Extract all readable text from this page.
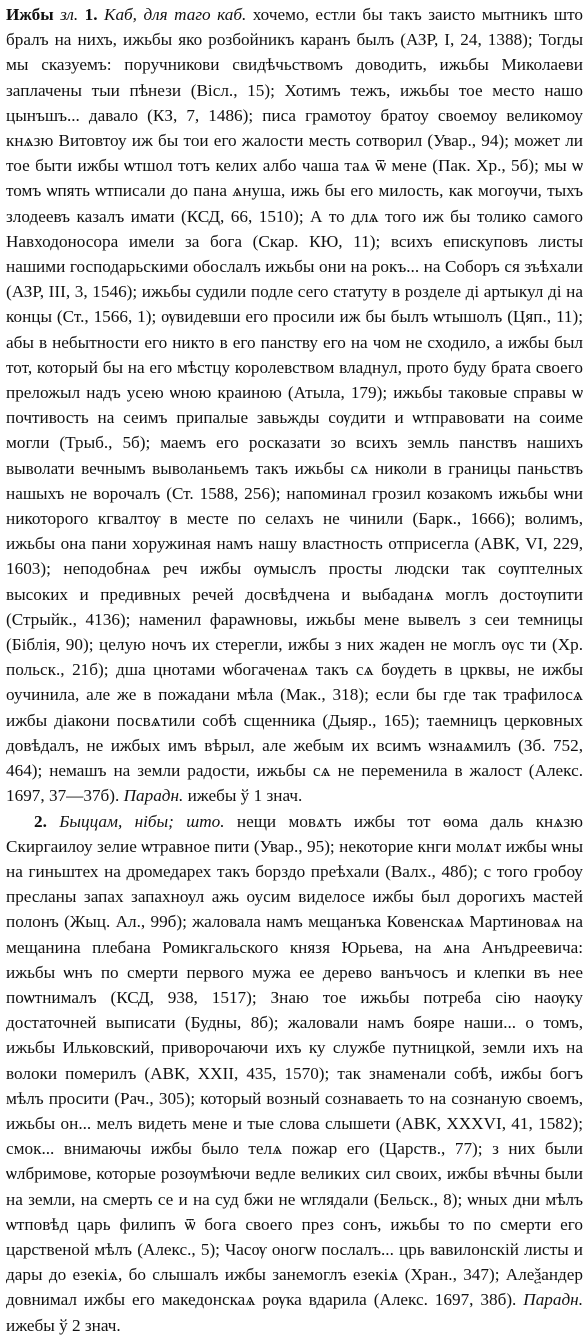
Ижбы зл. 1. Каб, для таго каб. хочемо, естли бы такъ заисто мытникъ што бралъ на нихъ, ижьбы яко розбойникъ каранъ былъ (АЗР, I, 24, 1388); Тогды мы сказуемъ: поручникови свидѣчьствомъ доводить, ижьбы Миколаеви заплачены тыи пѣнези (Вісл., 15); Хотимъ тежъ, ижьбы тое место нашо цынъшъ... давало (КЗ, 7, 1486); писа грамотоу братоу своемоу великомоу кнѧзю Витовтоу иж бы тои его жалости месть сотворил (Увар., 94); может ли тое быти ижбы ѡтшол тотъ келих албо чаша таѧ ѿ мене (Пак. Хр., 5б); мы ѡ томъ ѡпять ѡтписали до пана ѧнуша, ижь бы его милость, как могѹчи, тыхъ злодеевъ казалъ имати (КСД, 66, 1510); А то длѧ того иж бы толико самого Навходоносора имели за бога (Скар. КЮ, 11); всихъ епискуповъ листы нашими господарьскими обослалъ ижьбы они на рокъ... на Соборъ ся зъѣхали (АЗР, III, 3, 1546); ижьбы судили подле сего статуту в розделе ді артыкул ді на концы (Ст., 1566, 1); ѹвидевши его просили иж бы былъ ѡтышолъ (Цяп., 11); абы в небытности его никто в его панству его на чом не сходило, а ижбы был тот, который бы на его мѣстцу королевством владнул, прото буду брата своего преложыл надъ усею ѡною краиною (Атыла, 179); ижьбы таковые справы ѡ почтивость на сеимъ припалые завьжды сѹдити и ѡтправовати на соиме могли (Трыб., 5б); маемъ его росказати зо всихъ земль панствъ нашихъ выволати вечнымъ выволаньемъ такъ ижьбы сѧ николи в границы паньствъ нашыхъ не ворочалъ (Ст. 1588, 256); напоминал грозил козакомъ ижьбы ѡни никоторого кгвалтѹ в месте по селахъ не чинили (Барк., 1666); волимъ, ижьбы она пани хоружиная намъ нашу властность отприсегла (АВК, VI, 229, 1603); неподобнаѧ реч ижбы ѹмыслъ просты людски так сѹптелных высоких и предивных речей досвѣдчена и выбаданѧ моглъ достѹпити (Стрыйк., 4136); наменил фараѡновы, ижьбы мене вывелъ з сеи темницы (Біблія, 90); целую ночъ их стерегли, ижбы з них жаден не моглъ ѹс ти (Хр. польск., 21б); дша цнотами ѡбогаченаѧ такъ сѧ бѹдеть в црквы, не ижбы оучинила, але же в пожадани мѣла (Мак., 318); если бы где так трафилосѧ ижбы діакони посвѧтили собѣ сщенника (Дыяр., 165); таемницъ церковных довѣдалъ, не ижбых имъ вѣрыл, але жебым их всимъ ѡзнаѧмилъ (Зб. 752, 464); немашъ на земли радости, ижьбы сѧ не переменила в жалост (Алекс. 1697, 37—37б). Парадн. ижебы ў 1 знач.

2. Быццам, нібы; што. нещи мовѧть ижбы тот ѳома даль кнѧзю Скиргаилоу зелие ѡтравное пити (Увар., 95); некоторие кнги молѧт ижбы ѡны на гиньштех на дромедарех такъ борздо преѣхали (Валх., 48б); с того гробоу пресланы запах запахноул ажь оусим виделосе ижбы был дорогихъ мастей полонъ (Жыц. Ал., 99б); жаловала намъ мещанъка Ковенскаѧ Мартиноваѧ на мещанина плебана Ромикгальского князя Юрьева, на ѧна Анъдреевича: ижьбы ѡнъ по смерти первого мужа ее дерево ванъчосъ и клепки въ нее поѡтнималъ (КСД, 938, 1517); Знаю тое ижьбы потреба сію наѹку достаточней выписати (Будны, 8б); жаловали намъ бояре наши... о томъ, ижьбы Ильковский, приворочаючи ихъ ку службе путницкой, земли ихъ на волоки померилъ (АВК, XXII, 435, 1570); так знаменали собѣ, ижбы богъ мѣлъ просити (Рач., 305); который возный сознаваеть то на сознаную своемъ, ижьбы он... мелъ видеть мене и тые слова слышети (АВК, XXXVI, 41, 1582); смок... внимаючы ижбы было телѧ пожар его (Царств., 77); з них были ѡлбримове, которые розѹмѣючи ведле великих сил своих, ижбы вѣчны были на земли, на смерть се и на суд бжи не ѡглядали (Бельск., 8); ѡных дни мѣлъ ѡтповѣд царь филипъ ѿ бога своего през сонъ, ижьбы то по смерти его царственой мѣлъ (Алекс., 5); Часѹ оногѡ послалъ... црь вавилонскій листы и дары до езекіѧ, бо слышалъ ижбы занемоглъ езекіѧ (Хран., 347); Алеѯандер довнимал ижбы его македонскаѧ рѹка вдарила (Алекс. 1697, 38б). Парадн. ижебы ў 2 знач.
